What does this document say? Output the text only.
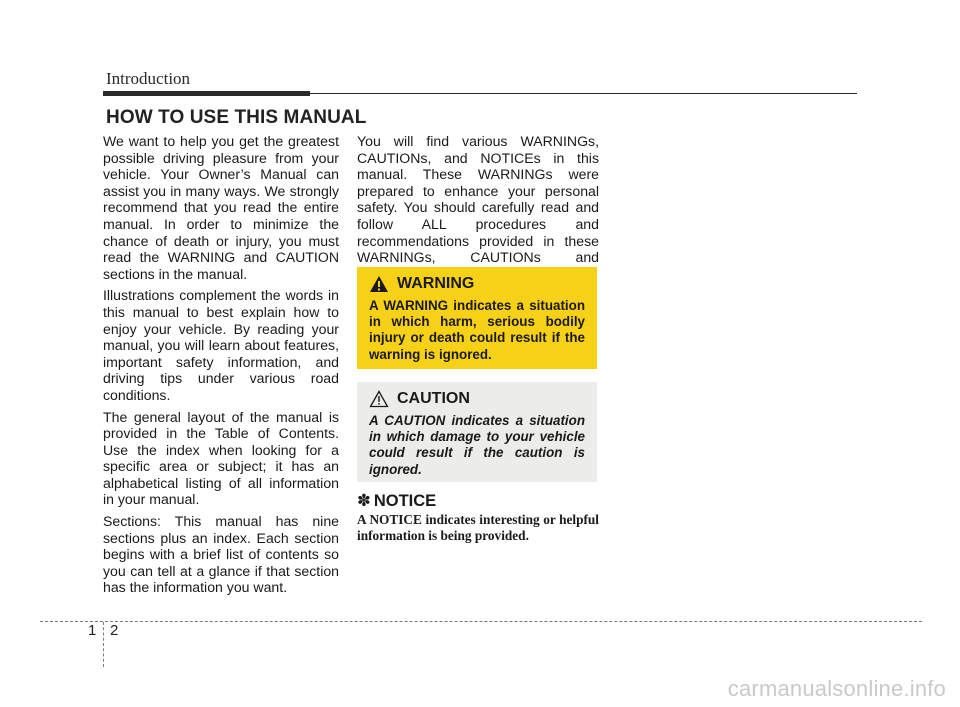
Introduction
HOW TO USE THIS MANUAL

We want to help you get the greatest possible driving pleasure from your vehicle. Your Owner’s Manual can assist you in many ways. We strongly recommend that you read the entire manual. In order to minimize the chance of death or injury, you must read the WARNING and CAUTION sections in the manual.

Illustrations complement the words in this manual to best explain how to enjoy your vehicle. By reading your manual, you will learn about features, important safety information, and driving tips under various road conditions.

The general layout of the manual is provided in the Table of Contents. Use the index when looking for a specific area or subject; it has an alphabetical listing of all information in your manual.

Sections: This manual has nine sections plus an index. Each section begins with a brief list of contents so you can tell at a glance if that section has the information you want.

You will find various WARNINGs, CAUTIONs, and NOTICEs in this manual. These WARNINGs were prepared to enhance your personal safety. You should carefully read and follow ALL procedures and recommendations provided in these WARNINGs, CAUTIONs and

WARNING

A WARNING indicates a situation in which harm, serious bodily injury or death could result if the warning is ignored.

CAUTION

A CAUTION indicates a situation in which damage to your vehicle could result if the caution is ignored.

✽ NOTICE

A NOTICE indicates interesting or helpful information is being provided.

1 2
carmanualsonline.info
